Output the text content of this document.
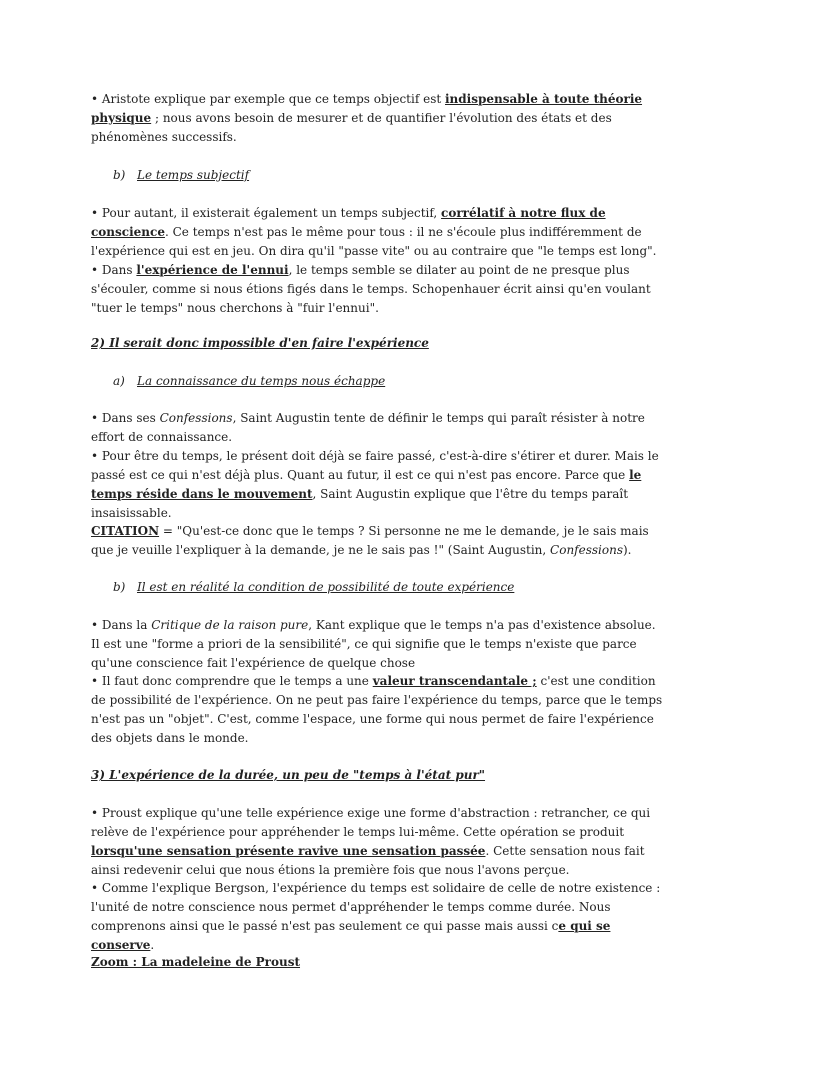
• Aristote explique par exemple que ce temps objectif est indispensable à toute théorie physique ; nous avons besoin de mesurer et de quantifier l'évolution des états et des phénomènes successifs.

b) Le temps subjectif

• Pour autant, il existerait également un temps subjectif, corrélatif à notre flux de conscience. Ce temps n'est pas le même pour tous : il ne s'écoule plus indifféremment de l'expérience qui est en jeu. On dira qu'il "passe vite" ou au contraire que "le temps est long".

• Dans l'expérience de l'ennui, le temps semble se dilater au point de ne presque plus s'écouler, comme si nous étions figés dans le temps. Schopenhauer écrit ainsi qu'en voulant "tuer le temps" nous cherchons à "fuir l'ennui".

2) Il serait donc impossible d'en faire l'expérience

a) La connaissance du temps nous échappe

• Dans ses Confessions, Saint Augustin tente de définir le temps qui paraît résister à notre effort de connaissance.

• Pour être du temps, le présent doit déjà se faire passé, c'est-à-dire s'étirer et durer. Mais le passé est ce qui n'est déjà plus. Quant au futur, il est ce qui n'est pas encore. Parce que le temps réside dans le mouvement, Saint Augustin explique que l'être du temps paraît insaisissable.

CITATION = "Qu'est-ce donc que le temps ? Si personne ne me le demande, je le sais mais que je veuille l'expliquer à la demande, je ne le sais pas !" (Saint Augustin, Confessions).

b) Il est en réalité la condition de possibilité de toute expérience

• Dans la Critique de la raison pure, Kant explique que le temps n'a pas d'existence absolue. Il est une "forme a priori de la sensibilité", ce qui signifie que le temps n'existe que parce qu'une conscience fait l'expérience de quelque chose

• Il faut donc comprendre que le temps a une valeur transcendantale ; c'est une condition de possibilité de l'expérience. On ne peut pas faire l'expérience du temps, parce que le temps n'est pas un "objet". C'est, comme l'espace, une forme qui nous permet de faire l'expérience des objets dans le monde.

3) L'expérience de la durée, un peu de "temps à l'état pur"

• Proust explique qu'une telle expérience exige une forme d'abstraction : retrancher, ce qui relève de l'expérience pour appréhender le temps lui-même. Cette opération se produit lorsqu'une sensation présente ravive une sensation passée. Cette sensation nous fait ainsi redevenir celui que nous étions la première fois que nous l'avons perçue.

• Comme l'explique Bergson, l'expérience du temps est solidaire de celle de notre existence : l'unité de notre conscience nous permet d'appréhender le temps comme durée. Nous comprenons ainsi que le passé n'est pas seulement ce qui passe mais aussi ce qui se conserve.

Zoom : La madeleine de Proust
